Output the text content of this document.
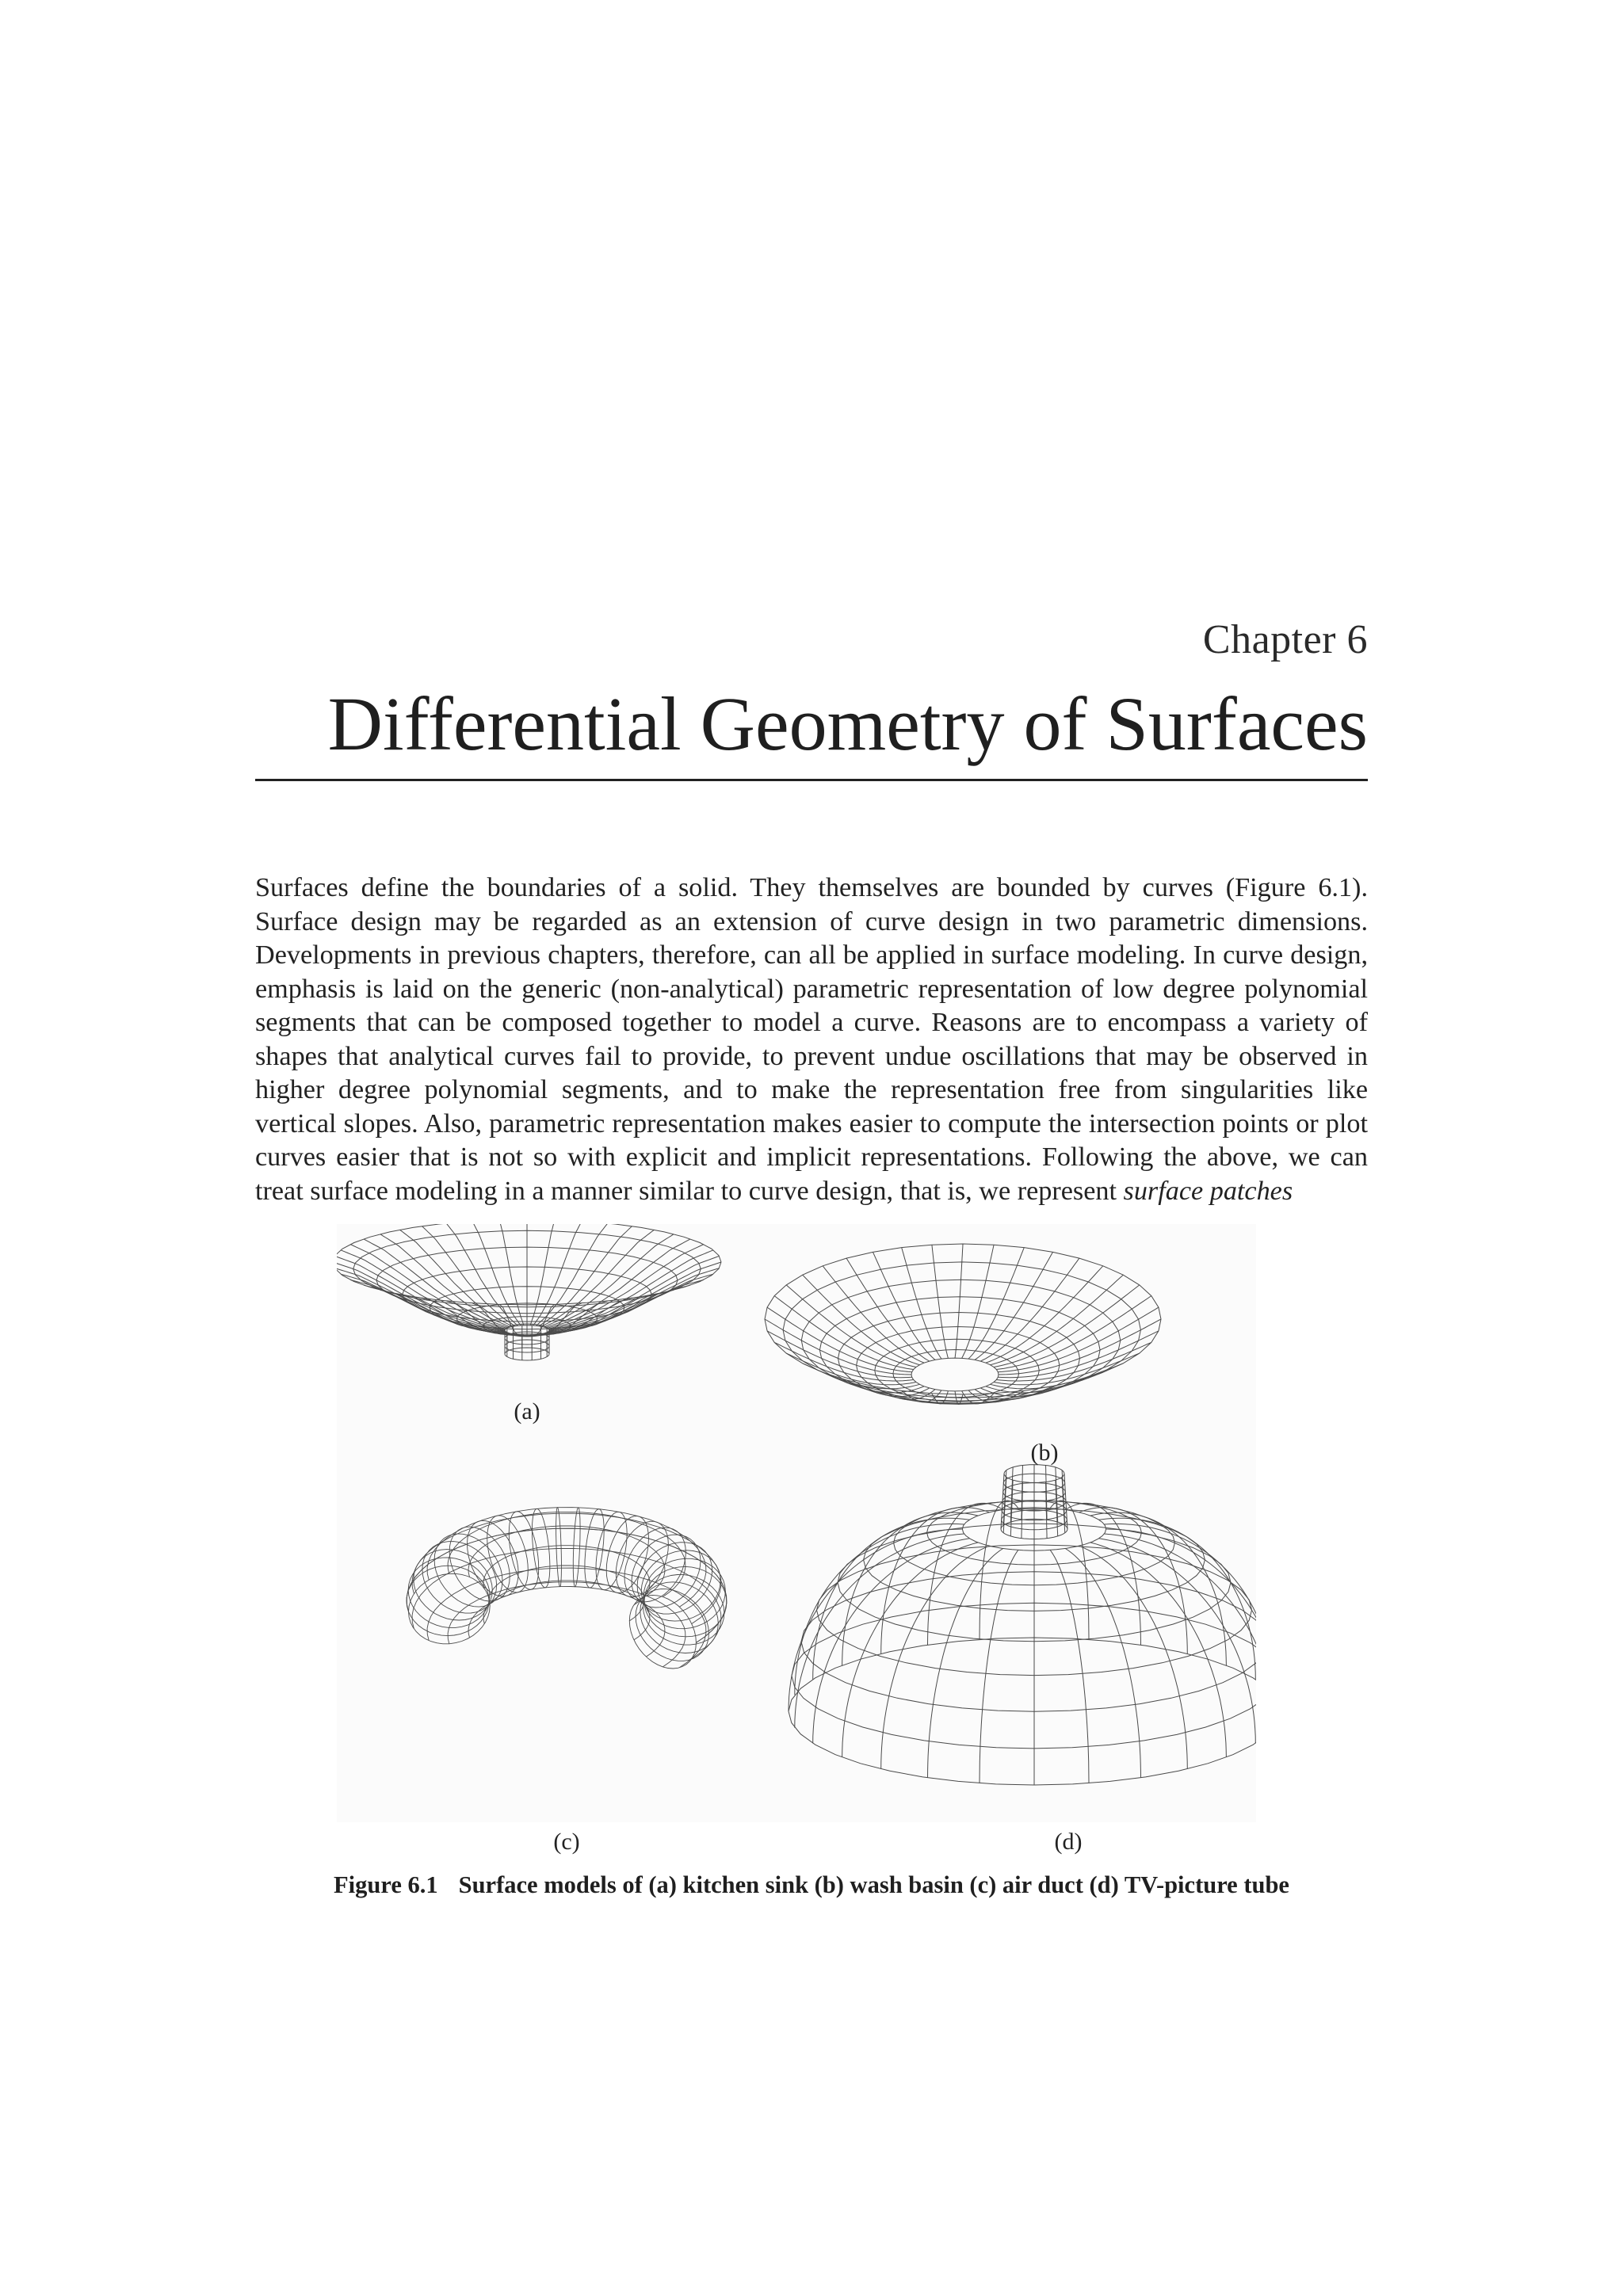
Chapter 6
Differential Geometry of Surfaces

Surfaces define the boundaries of a solid. They themselves are bounded by curves (Figure 6.1). Surface design may be regarded as an extension of curve design in two parametric dimensions. Developments in previous chapters, therefore, can all be applied in surface modeling. In curve design, emphasis is laid on the generic (non-analytical) parametric representation of low degree polynomial segments that can be composed together to model a curve. Reasons are to encompass a variety of shapes that analytical curves fail to provide, to prevent undue oscillations that may be observed in higher degree polynomial segments, and to make the representation free from singularities like vertical slopes. Also, parametric representation makes easier to compute the intersection points or plot curves easier that is not so with explicit and implicit representations. Following the above, we can treat surface modeling in a manner similar to curve design, that is, we represent surface patches

(a)
(b)
(c)	(d)
Figure 6.1 Surface models of (a) kitchen sink (b) wash basin (c) air duct (d) TV-picture tube
